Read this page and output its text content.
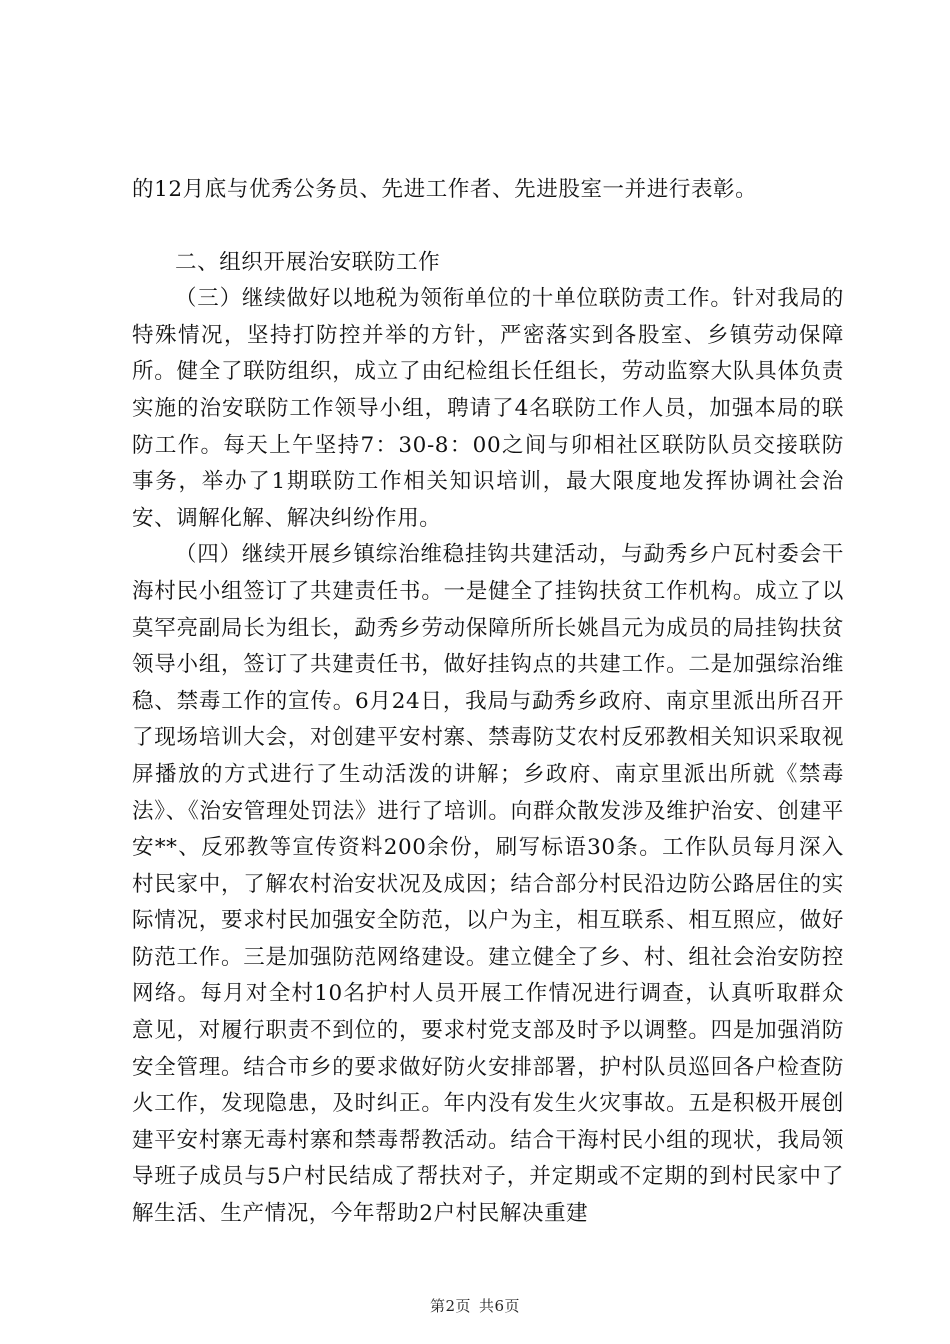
的12月底与优秀公务员、先进工作者、先进股室一并进行表彰。

二、组织开展治安联防工作

（三）继续做好以地税为领衔单位的十单位联防责工作。针对我局的特殊情况，坚持打防控并举的方针，严密落实到各股室、乡镇劳动保障所。健全了联防组织，成立了由纪检组长任组长，劳动监察大队具体负责实施的治安联防工作领导小组，聘请了4名联防工作人员，加强本局的联防工作。每天上午坚持7：30-8：00之间与卯相社区联防队员交接联防事务，举办了1期联防工作相关知识培训，最大限度地发挥协调社会治安、调解化解、解决纠纷作用。

（四）继续开展乡镇综治维稳挂钩共建活动，与勐秀乡户瓦村委会干海村民小组签订了共建责任书。一是健全了挂钩扶贫工作机构。成立了以莫罕亮副局长为组长，勐秀乡劳动保障所所长姚昌元为成员的局挂钩扶贫领导小组，签订了共建责任书，做好挂钩点的共建工作。二是加强综治维稳、禁毒工作的宣传。6月24日，我局与勐秀乡政府、南京里派出所召开了现场培训大会，对创建平安村寨、禁毒防艾农村反邪教相关知识采取视屏播放的方式进行了生动活泼的讲解；乡政府、南京里派出所就《禁毒法》、《治安管理处罚法》进行了培训。向群众散发涉及维护治安、创建平安**、反邪教等宣传资料200余份，刷写标语30条。工作队员每月深入村民家中，了解农村治安状况及成因；结合部分村民沿边防公路居住的实际情况，要求村民加强安全防范，以户为主，相互联系、相互照应，做好防范工作。三是加强防范网络建设。建立健全了乡、村、组社会治安防控网络。每月对全村10名护村人员开展工作情况进行调查，认真听取群众意见，对履行职责不到位的，要求村党支部及时予以调整。四是加强消防安全管理。结合市乡的要求做好防火安排部署，护村队员巡回各户检查防火工作，发现隐患，及时纠正。年内没有发生火灾事故。五是积极开展创建平安村寨无毒村寨和禁毒帮教活动。结合干海村民小组的现状，我局领导班子成员与5户村民结成了帮扶对子，并定期或不定期的到村民家中了解生活、生产情况，今年帮助2户村民解决重建

第2页 共6页
